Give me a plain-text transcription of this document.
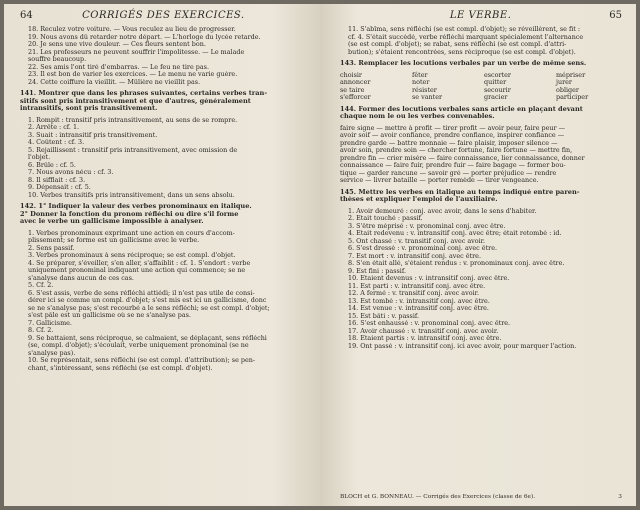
64	CORRIGÉS DES EXERCICES.
18. Reculez votre voiture. — Vous reculez au lieu de progresser.
19. Nous avons dû retarder notre départ. — L'horloge du lycée retarde.
20. Je sens une vive douleur. — Ces fleurs sentent bon.
21. Les professeurs ne peuvent souffrir l'impolitesse. — Le malade
souffre beaucoup.
22. Ses amis l'ont tiré d'embarras. — Le feu ne tire pas.
23. Il est bon de varier les exercices. — Le menu ne varie guère.
24. Cette coiffure la vieillit. — Mülière ne vieillit pas.
141. Montrer que dans les phrases suivantes, certains verbes tran-
sitifs sont pris intransitivement et que d'autres, généralement
intransitifs, sont pris transitivement.
1. Rompit : transitif pris intransitivement, au sens de se rompre.
2. Arrête : cf. 1.
3. Suait : intransitif pris transitivement.
4. Coûtent : cf. 3.
5. Rejaillissent : transitif pris intransitivement, avec omission de
l'objet.
6. Brûle : cf. 5.
7. Nous avons nécu : cf. 3.
8. Il sifflait : cf. 3.
9. Dépensait : cf. 5.
10. Verbes transitifs pris intransitivement, dans un sens absolu.
142. 1° Indiquer la valeur des verbes pronominaux en italique.
2° Donner la fonction du pronom réfléchi ou dire s'il forme
avec le verbe un gallicisme impossible à analyser.
1. Verbes pronominaux exprimant une action en cours d'accom-
plissement; se forme est un gallicisme avec le verbe.
2. Sens passif.
3. Verbes pronominaux à sens réciproque; se est compl. d'objet.
4. Se préparer, s'éveiller, s'en aller, s'affaiblit : cf. 1. S'endort : verbe
uniquement pronominal indiquant une action qui commence; se ne
s'analyse dans aucun de ces cas.
5. Cf. 2.
6. S'est assis, verbe de sens réfléchi attiédi; il n'est pas utile de consi-
dérer ici se comme un compl. d'objet; s'est mis est ici un gallicisme, donc
se ne s'analyse pas; s'est recourbé a le sens réfléchi; se est compl. d'objet;
s'est pâle est un gallicisme où se ne s'analyse pas.
7. Gallicisme.
8. Cf. 2.
9. Se battaient, sens réciproque, se calmaient, se déplaçant, sens réfléchi
(se, compl. d'objet); s'écoulait, verbe uniquement pronominal (se ne
s'analyse pas).
10. Se représentait, sens réfléchi (se est compl. d'attribution); se pen-
chant, s'intéressant, sens réfléchi (se est compl. d'objet).
LE VERBE.	65
11. S'abîma, sens réfléchi (se est compl. d'objet); se réveillèrent, se fit :
cf. 4. S'était succédé, verbe réfléchi marquant spécialement l'alternance
(se est compl. d'objet); se rabat, sens réfléchi (se est compl. d'attri-
bution); s'étaient rencontrées, sens réciproque (se est compl. d'objet).
143. Remplacer les locutions verbales par un verbe de même sens.
choisir	fêter	escorter	mépriser
annoncer	noter	quitter	jurer
se taire	résister	secourir	obliger
s'efforcer	se vanter	gracier	participer
144. Former des locutions verbales sans article en plaçant devant
chaque nom le ou les verbes convenables.
faire signe — mettre à profit — tirer profit — avoir peur, faire peur —
avoir soif — avoir confiance, prendre confiance, inspirer confiance —
prendre garde — battre monnaie — faire plaisir, imposer silence —
avoir soin, prendre soin — chercher fortune, faire fortune — mettre fin,
prendre fin — crier misère — faire connaissance, lier connaissance, donner
connaissance — faire fuir, prendre fuir — faire bagage — former bou-
tique — garder rancune — savoir gré — porter préjudice — rendre
service — livrer bataille — porter remède — tirer vengeance.
145. Mettre les verbes en italique au temps indiqué entre paren-
thèses et expliquer l'emploi de l'auxiliaire.
1. Avoir demeuré : conj. avec avoir, dans le sens d'habiter.
2. Était touché : passif.
3. S'être méprisé : v. pronominal conj. avec être.
4. Était redevenu : v. intransitif conj. avec être; était retombé : id.
5. Ont chassé : v. transitif conj. avec avoir.
6. S'est dressé : v. pronominal conj. avec être.
7. Est mort : v. intransitif conj. avec être.
8. S'en était allé, s'étaient rendus : v. pronominaux conj. avec être.
9. Est fini : passif.
10. Étaient devenus : v. intransitif conj. avec être.
11. Est parti : v. intransitif conj. avec être.
12. A fermé : v. transitif conj. avec avoir.
13. Est tombé : v. intransitif conj. avec être.
14. Est venue : v. intransitif conj. avec être.
15. Est bâti : v. passif.
16. S'est enhaussé : v. pronominal conj. avec être.
17. Avoir chaussé : v. transitif conj. avec avoir.
18. Étaient partis : v. intransitif conj. avec être.
19. Ont passé : v. intransitif conj. ici avec avoir, pour marquer l'action.
BLOCH et G. BONNEAU. — Corrigés des Exercices (classe de 6e).	3
